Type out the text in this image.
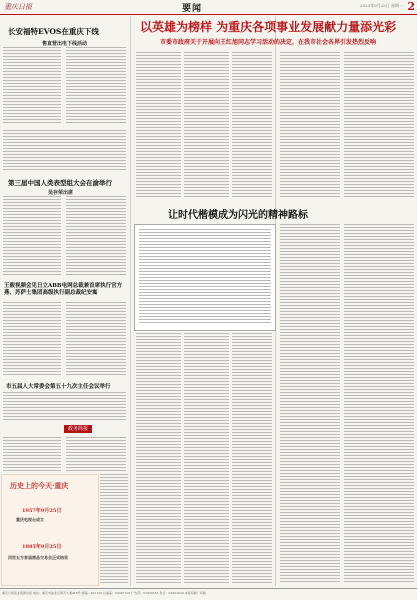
重庆日报	要闻	2023年9月25日 星期一 2
长安福特EVOS在重庆下线
售直营出电下线活动
第三届中国人类表型组大会在渝举行
吴存荣出席
王毅视频会见日立ABB电网总裁兼首席执行官方燕、苏萨士集团高级执行副总裁纪安寓
市五届人大常委会第五十九次主任会议举行
政务简报
历史上的今天·重庆
1957年9月25日
重庆电视台成立
1985年9月25日
四世五方首届商品交易会正式结束
以英雄为榜样 为重庆各项事业发展献力量添光彩
市委市政府关于开展向王红旭同志学习活动的决定，在我市社会各界引发热烈反响
让时代楷模成为闪光的精神路标
重庆日报报业集团出版 地址：重庆市渝北区同茂大道416号 邮编：401120 总编室：63907105 广告部：63905551 发行：63902920 本报印刷厂印刷
